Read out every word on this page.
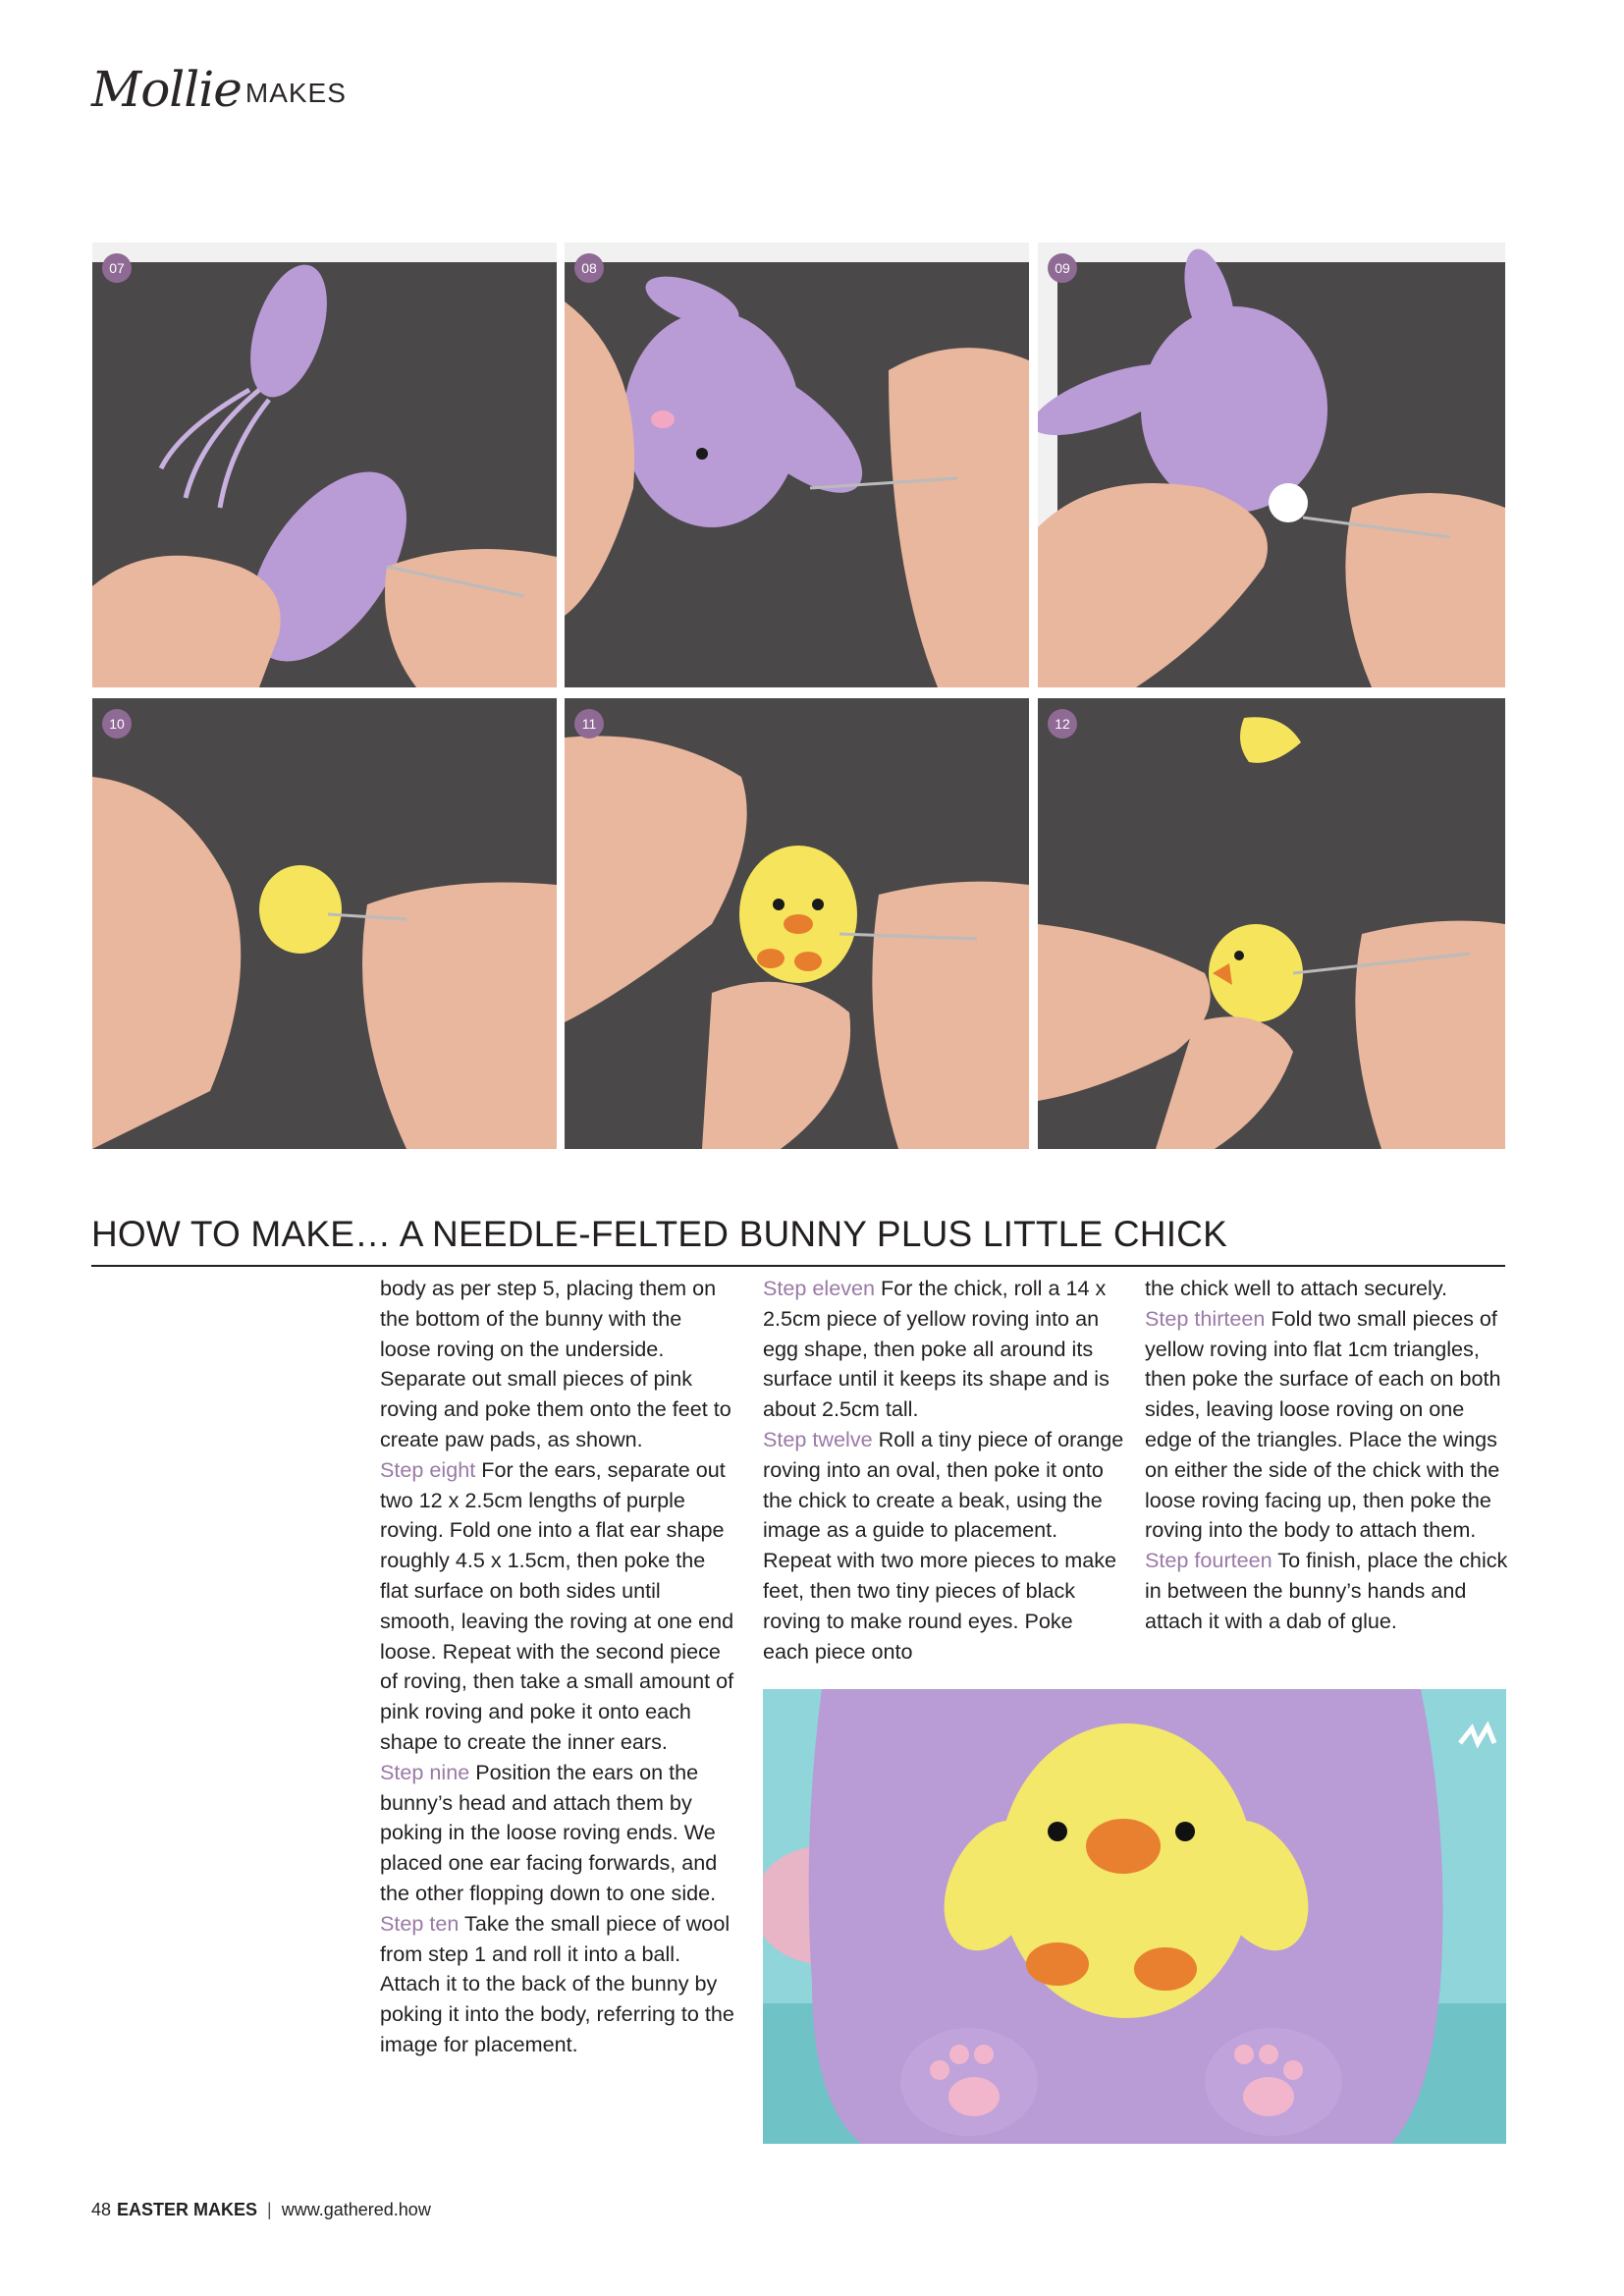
Mollie MAKES
07	08	09
10	11	12
HOW TO MAKE… A NEEDLE-FELTED BUNNY PLUS LITTLE CHICK

body as per step 5, placing them on the bottom of the bunny with the loose roving on the underside. Separate out small pieces of pink roving and poke them onto the feet to create paw pads, as shown.

Step eight For the ears, separate out two 12 x 2.5cm lengths of purple roving. Fold one into a flat ear shape roughly 4.5 x 1.5cm, then poke the flat surface on both sides until smooth, leaving the roving at one end loose. Repeat with the second piece of roving, then take a small amount of pink roving and poke it onto each shape to create the inner ears.

Step nine Position the ears on the bunny’s head and attach them by poking in the loose roving ends. We placed one ear facing forwards, and the other flopping down to one side.

Step ten Take the small piece of wool from step 1 and roll it into a ball. Attach it to the back of the bunny by poking it into the body, referring to the image for placement.

Step eleven For the chick, roll a 14 x 2.5cm piece of yellow roving into an egg shape, then poke all around its surface until it keeps its shape and is about 2.5cm tall.

Step twelve Roll a tiny piece of orange roving into an oval, then poke it onto the chick to create a beak, using the image as a guide to placement. Repeat with two more pieces to make feet, then two tiny pieces of black roving to make round eyes. Poke each piece onto

the chick well to attach securely.

Step thirteen Fold two small pieces of yellow roving into flat 1cm triangles, then poke the surface of each on both sides, leaving loose roving on one edge of the triangles. Place the wings on either the side of the chick with the loose roving facing up, then poke the roving into the body to attach them.

Step fourteen To finish, place the chick in between the bunny’s hands and attach it with a dab of glue.

48 EASTER MAKES | www.gathered.how
